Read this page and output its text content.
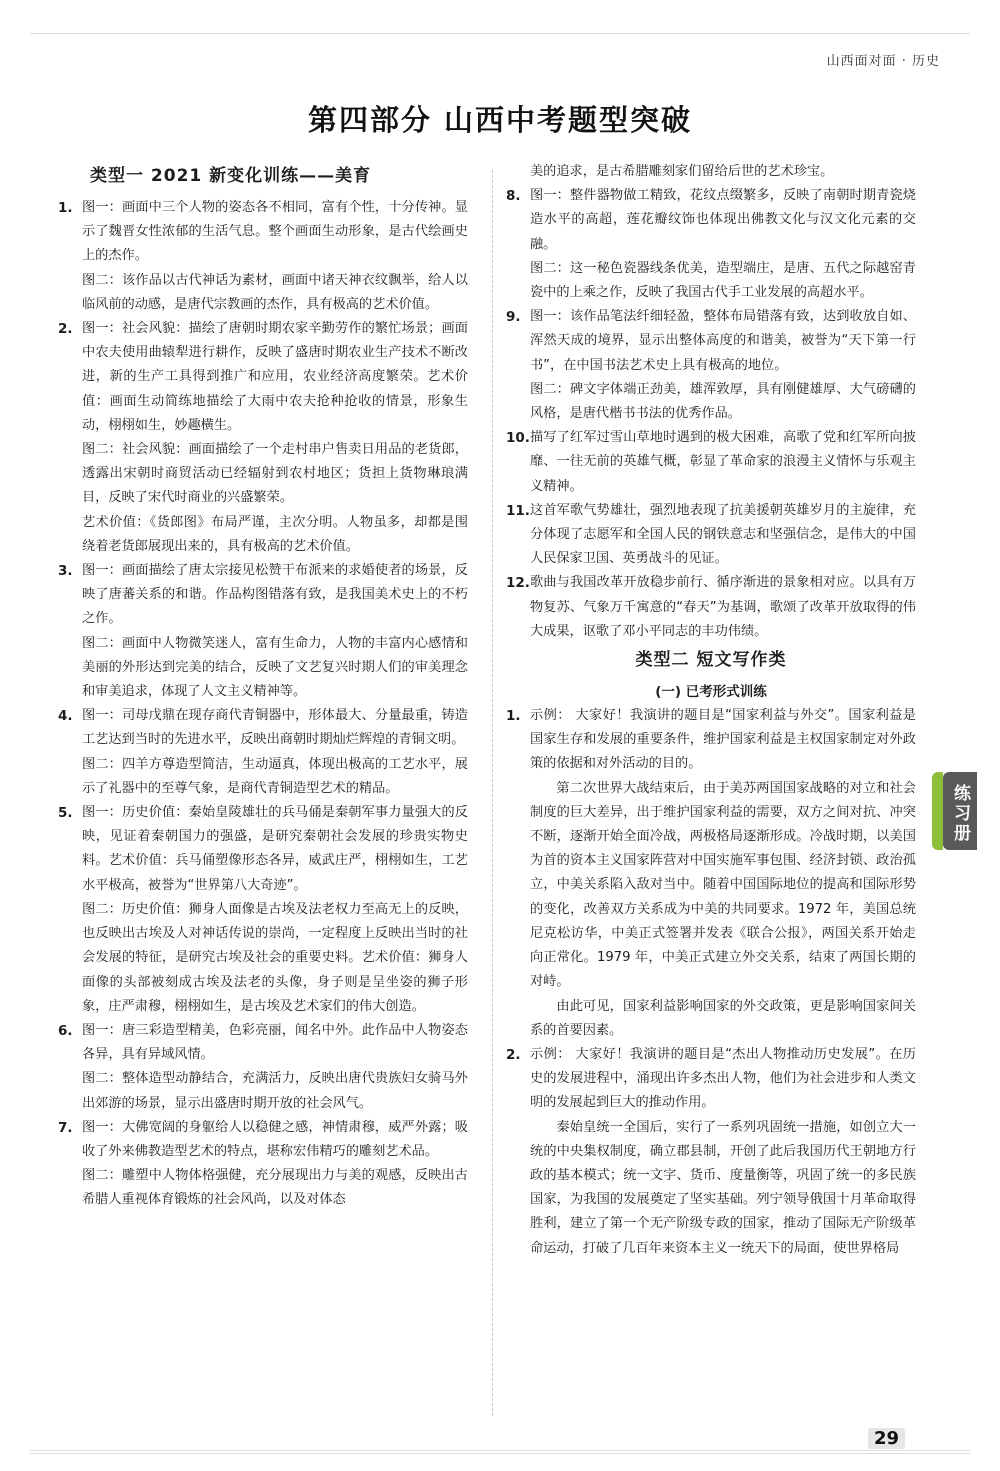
山西面对面 · 历史
第四部分 山西中考题型突破
类型一 2021 新变化训练——美育
1. 图一：画面中三个人物的姿态各不相同，富有个性，十分传神。显示了魏晋女性浓郁的生活气息。整个画面生动形象，是古代绘画史上的杰作。

图二：该作品以古代神话为素材，画面中诸天神衣纹飘举，给人以临风前的动感，是唐代宗教画的杰作，具有极高的艺术价值。

2. 图一：社会风貌：描绘了唐朝时期农家辛勤劳作的繁忙场景；画面中农夫使用曲辕犁进行耕作，反映了盛唐时期农业生产技术不断改进，新的生产工具得到推广和应用，农业经济高度繁荣。艺术价值：画面生动简练地描绘了大雨中农夫抢种抢收的情景，形象生动，栩栩如生，妙趣横生。

图二：社会风貌：画面描绘了一个走村串户售卖日用品的老货郎，透露出宋朝时商贸活动已经辐射到农村地区；货担上货物琳琅满目，反映了宋代时商业的兴盛繁荣。

艺术价值：《货郎图》布局严谨，主次分明。人物虽多，却都是围绕着老货郎展现出来的，具有极高的艺术价值。

3. 图一：画面描绘了唐太宗接见松赞干布派来的求婚使者的场景，反映了唐蕃关系的和谐。作品构图错落有致，是我国美术史上的不朽之作。

图二：画面中人物微笑迷人，富有生命力，人物的丰富内心感情和美丽的外形达到完美的结合，反映了文艺复兴时期人们的审美理念和审美追求，体现了人文主义精神等。

4. 图一：司母戊鼎在现存商代青铜器中，形体最大、分量最重，铸造工艺达到当时的先进水平，反映出商朝时期灿烂辉煌的青铜文明。

图二：四羊方尊造型简洁，生动逼真，体现出极高的工艺水平，展示了礼器中的至尊气象，是商代青铜造型艺术的精品。

5. 图一：历史价值：秦始皇陵雄壮的兵马俑是秦朝军事力量强大的反映，见证着秦朝国力的强盛，是研究秦朝社会发展的珍贵实物史料。艺术价值：兵马俑塑像形态各异，威武庄严，栩栩如生，工艺水平极高，被誉为“世界第八大奇迹”。

图二：历史价值：狮身人面像是古埃及法老权力至高无上的反映，也反映出古埃及人对神话传说的崇尚，一定程度上反映出当时的社会发展的特征，是研究古埃及社会的重要史料。艺术价值：狮身人面像的头部被刻成古埃及法老的头像，身子则是呈坐姿的狮子形象，庄严肃穆，栩栩如生，是古埃及艺术家们的伟大创造。

6. 图一：唐三彩造型精美，色彩亮丽，闻名中外。此作品中人物姿态各异，具有异域风情。

图二：整体造型动静结合，充满活力，反映出唐代贵族妇女骑马外出郊游的场景，显示出盛唐时期开放的社会风气。

7. 图一：大佛宽阔的身躯给人以稳健之感，神情肃穆，威严外露；吸收了外来佛教造型艺术的特点，堪称宏伟精巧的雕刻艺术品。

图二：雕塑中人物体格强健，充分展现出力与美的观感，反映出古希腊人重视体育锻炼的社会风尚，以及对体态

美的追求，是古希腊雕刻家们留给后世的艺术珍宝。

8. 图一：整件器物做工精致，花纹点缀繁多，反映了南朝时期青瓷烧造水平的高超，莲花瓣纹饰也体现出佛教文化与汉文化元素的交融。

图二：这一秘色瓷器线条优美，造型端庄，是唐、五代之际越窑青瓷中的上乘之作，反映了我国古代手工业发展的高超水平。

9. 图一：该作品笔法纤细轻盈，整体布局错落有致，达到收放自如、浑然天成的境界，显示出整体高度的和谐美，被誉为“天下第一行书”，在中国书法艺术史上具有极高的地位。

图二：碑文字体端正劲美，雄浑敦厚，具有刚健雄厚、大气磅礴的风格，是唐代楷书书法的优秀作品。

10. 描写了红军过雪山草地时遇到的极大困难，高歌了党和红军所向披靡、一往无前的英雄气概，彰显了革命家的浪漫主义情怀与乐观主义精神。

11. 这首军歌气势雄壮，强烈地表现了抗美援朝英雄岁月的主旋律，充分体现了志愿军和全国人民的钢铁意志和坚强信念，是伟大的中国人民保家卫国、英勇战斗的见证。

12. 歌曲与我国改革开放稳步前行、循序渐进的景象相对应。以具有万物复苏、气象万千寓意的“春天”为基调，歌颂了改革开放取得的伟大成果，讴歌了邓小平同志的丰功伟绩。

类型二 短文写作类
(一) 已考形式训练
1. 示例： 大家好！我演讲的题目是“国家利益与外交”。国家利益是国家生存和发展的重要条件，维护国家利益是主权国家制定对外政策的依据和对外活动的目的。

第二次世界大战结束后，由于美苏两国国家战略的对立和社会制度的巨大差异，出于维护国家利益的需要，双方之间对抗、冲突不断，逐渐开始全面冷战，两极格局逐渐形成。冷战时期，以美国为首的资本主义国家阵营对中国实施军事包围、经济封锁、政治孤立，中美关系陷入敌对当中。随着中国国际地位的提高和国际形势的变化，改善双方关系成为中美的共同要求。1972 年，美国总统尼克松访华，中美正式签署并发表《联合公报》，两国关系开始走向正常化。1979 年，中美正式建立外交关系，结束了两国长期的对峙。

由此可见，国家利益影响国家的外交政策，更是影响国家间关系的首要因素。

2. 示例： 大家好！我演讲的题目是“杰出人物推动历史发展”。在历史的发展进程中，涌现出许多杰出人物，他们为社会进步和人类文明的发展起到巨大的推动作用。

秦始皇统一全国后，实行了一系列巩固统一措施，如创立大一统的中央集权制度，确立郡县制，开创了此后我国历代王朝地方行政的基本模式；统一文字、货币、度量衡等，巩固了统一的多民族国家，为我国的发展奠定了坚实基础。列宁领导俄国十月革命取得胜利，建立了第一个无产阶级专政的国家，推动了国际无产阶级革命运动，打破了几百年来资本主义一统天下的局面，使世界格局

练习册
29
